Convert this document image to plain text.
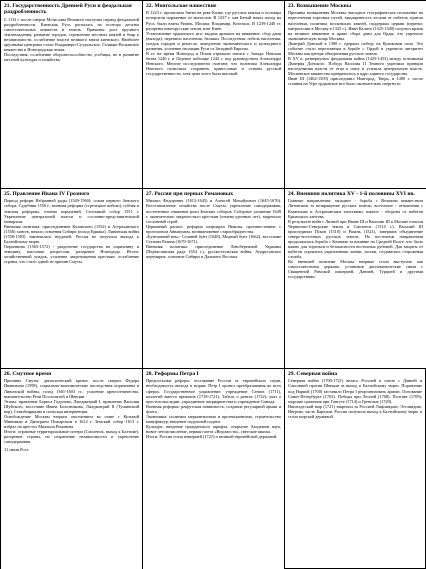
21. Государственность Древней Руси и феодальная раздробленность
С 1132 г. после смерти Мстислава Великого наступил период феодальной раздробленности. Киевская Русь распалась на полтора десятка самостоятельных княжеств и земель. Причины: рост крупного землевладения, развитие городов, стремление местных князей и бояр к независимости, ослабление власти великого князя киевского. Наиболее крупными центрами стали Владимиро-Суздальское, Галицко-Волынское княжества и Новгородская земля.
Последствия: ослабление обороноспособности, усобицы, но и развитие местной культуры и хозяйства.
22. Монгольское нашествие
В 1223 г. произошла битва на реке Калке, где русские князья и половцы потерпели поражение от монголов. В 1237 г. хан Батый начал поход на Русь: были взяты Рязань, Москва, Владимир, Козельск. В 1239-1240 гг. разорены южнорусские земли, взят Киев.
Установление ордынского ига: выдача ярлыков на княжение, сбор дани (выхода), переписи населения, баскаки. Последствия: гибель населения, упадок городов и ремесла, замедление экономического и культурного развития, усиление изоляции Руси от Западной Европы.
В то же время Новгород и Псков отражали натиск с Запада: Невская битва 1240 г. и Ледовое побоище 1242 г. под руководством Александра Невского. Многие исследователи считают, что политика Александра Невского позволила сохранить православие и основы русской государственности, хотя цена этого была высокой.
23. Возвышение Москвы
Причины возвышения Москвы: выгодное географическое положение на пересечении торговых путей, защищенность лесами от набегов, приток населения, политика московских князей, поддержка церкви (перенос митрополии в Москву в 1325 г.). Иван Калита (1325-1340) получил ярлык на великое княжение и право сбора дани для Орды, что укрепило экономическую мощь Москвы.
Дмитрий Донской в 1380 г. одержал победу на Куликовом поле. Это событие стало переломным в борьбе с Ордой и укрепило авторитет Москвы как центра объединения русских земель.
В XV в. развернулась феодальная война (1425-1453) между потомками Дмитрия Донского. Победа Василия II Темного укрепила принцип наследования власти от отца к сыну и усилила центральную власть. Московское княжество превратилось в ядро единого государства.
Иван III (1462-1505) присоединил Новгород, Тверь, в 1480 г. после стояния на Угре ордынское иго было окончательно свергнуто.
25. Правление Ивана IV Грозного
Период реформ Избранной рады (1549-1560): созыв первого Земского собора, Судебник 1550 г., военная реформа (стрелецкое войско), губная и земская реформы, отмена кормлений, Стоглавый собор 1551 г. Укрепление центральной власти и сословно-представительной монархии.
Внешняя политика: присоединение Казанского (1552) и Астраханского (1556) ханств, начало освоения Сибири (поход Ермака). Ливонская война (1558-1583) закончилась неудачей, Россия не получила выхода к Балтийскому морю.
Опричнина (1565-1572) - разделение государства на опричнину и земщину, массовые репрессии, разорение Новгорода. Итоги: хозяйственный упадок, усиление закрепощения крестьян, ослабление страны, что стало одной из причин Смуты.
27. Россия при первых Романовых
Михаил Федорович (1613-1645) и Алексей Михайлович (1645-1676). Восстановление хозяйства после Смуты, укрепление самодержавия, постепенное снижение роли Земских соборов. Соборное уложение 1649 г. окончательно закрепостило крестьян (отмена урочных лет), закрепило сословный строй.
Церковный раскол: реформа патриарха Никона, противостояние с протопопом Аввакумом, возникновение старообрядчества.
«Бунташный век»: Соляной бунт (1648), Медный бунт (1662), восстание Степана Разина (1670-1671).
Внешняя политика: присоединение Левобережной Украины (Переяславская рада 1654 г.), русско-польская война, Андрусовское перемирие, освоение Сибири и Дальнего Востока.
24. Внешняя политика XV - 1-й половины XVI вв.
Главные направления: западное - борьба с Великим княжеством Литовским за возвращение русских земель; восточное - отношения с Казанским и Астраханским ханствами; южное - оборона от набегов Крымского ханства.
В результате войн с Литвой при Иване III и Василии III к Москве отошли Чернигово-Северские земли и Смоленск (1514 г.). Василий III присоединил Псков (1510) и Рязань (1521), завершив объединение северо-восточных русских земель. На восточном направлении продолжалась борьба с Казанью за влияние на Средней Волге, что было важно для торговли и безопасности восточных рубежей. Для защиты от набегов строились укрепленные линии, засеки, создавалась сторожевая служба.
Во внешней политике Москва впервые стала выступать как самостоятельная держава, установив дипломатические связи с Священной Римской империей, Данией, Турцией и другими государствами.
26. Смутное время
Причины Смуты: династический кризис после смерти Федора Ивановича (1598), социально-экономические последствия опричнины и Ливонской войны, голод 1601-1603 гг., усиление крепостничества, вмешательство Речи Посполитой и Швеции.
Этапы: правление Бориса Годунова, Лжедмитрий I, правление Василия Шуйского, восстание Ивана Болотникова, Лжедмитрий II (Тушинский вор), Семибоярщина и польская интервенция.
Освобождение Москвы вторым ополчением во главе с Кузьмой Мининым и Дмитрием Пожарским в 1612 г. Земский собор 1613 г. избрал на престол Михаила Романова.
Итоги: огромные территориальные потери (Смоленск, выход к Балтике), разорение страны, но сохранение независимости и укрепление самодержавия.
11 июля Рост
28. Реформы Петра I
Предпосылки реформ: отставание России от европейских стран, необходимость выхода к морям. Петр I провел преобразования во всех сферах. Государственное управление: учреждение Сената (1711), коллегий вместо приказов (1718-1721), Табель о рангах (1722), указ о престолонаследии, упразднение патриаршества и учреждение Синода.
Военная реформа: рекрутская повинность, создание регулярной армии и флота.
Экономика: политика меркантилизма и протекционизма, строительство мануфактур, введение подушной подати.
Культура: введение гражданского шрифта, открытие Академии наук, новое летоисчисление, первая газета «Ведомости», светские школы.
Итоги: Россия стала империей (1721) и великой европейской державой.
29. Северная война
Северная война (1700-1721) велась Россией в союзе с Данией и Саксонией против Швеции за выход к Балтийскому морю. Поражение под Нарвой (1700) заставило Петра I реорганизовать армию. Основание Санкт-Петербурга (1703). Победы при Лесной (1708), Полтаве (1709), морские сражения при Гангуте (1714) и Гренгаме (1720).
Ништадтский мир (1721) закрепил за Россией Лифляндию, Эстляндию, Ингрию, часть Карелии. Россия получила выход к Балтийскому морю и стала морской державой.
